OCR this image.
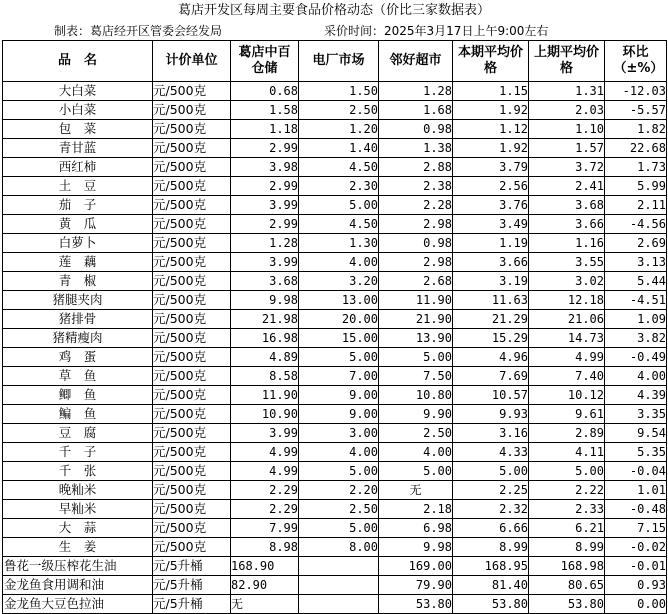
葛店开发区每周主要食品价格动态（价比三家数据表）
制表：葛店经开区管委会经发局	采价时间：2025年3月17日上午9:00左右
品　名	计价单位	葛店中百仓储	电厂市场	邻好超市	本期平均价格	上期平均价格	环比（±%）

大白菜	元/500克	0.68	1.50	1.28	1.15	1.31	-12.03
小白菜	元/500克	1.58	2.50	1.68	1.92	2.03	-5.57
包　菜	元/500克	1.18	1.20	0.98	1.12	1.10	1.82
青甘蓝	元/500克	2.99	1.40	1.38	1.92	1.57	22.68
西红柿	元/500克	3.98	4.50	2.88	3.79	3.72	1.73
土　豆	元/500克	2.99	2.30	2.38	2.56	2.41	5.99
茄　子	元/500克	3.99	5.00	2.28	3.76	3.68	2.11
黄　瓜	元/500克	2.99	4.50	2.98	3.49	3.66	-4.56
白萝卜	元/500克	1.28	1.30	0.98	1.19	1.16	2.69
莲　藕	元/500克	3.99	4.00	2.98	3.66	3.55	3.13
青　椒	元/500克	3.68	3.20	2.68	3.19	3.02	5.44
猪腿夹肉	元/500克	9.98	13.00	11.90	11.63	12.18	-4.51
猪排骨	元/500克	21.98	20.00	21.90	21.29	21.06	1.09
猪精瘦肉	元/500克	16.98	15.00	13.90	15.29	14.73	3.82
鸡　蛋	元/500克	4.89	5.00	5.00	4.96	4.99	-0.49
草　鱼	元/500克	8.58	7.00	7.50	7.69	7.40	4.00
鲫　鱼	元/500克	11.90	9.00	10.80	10.57	10.12	4.39
鳊　鱼	元/500克	10.90	9.00	9.90	9.93	9.61	3.35
豆　腐	元/500克	3.99	3.00	2.50	3.16	2.89	9.54
千　子	元/500克	4.99	4.00	4.00	4.33	4.11	5.35
千　张	元/500克	4.99	5.00	5.00	5.00	5.00	-0.04
晚籼米	元/500克	2.29	2.20	无	2.25	2.22	1.01
早籼米	元/500克	2.29	2.50	2.18	2.32	2.33	-0.48
大　蒜	元/500克	7.99	5.00	6.98	6.66	6.21	7.15
生　姜	元/500克	8.98	8.00	9.98	8.99	8.99	-0.02
鲁花一级压榨花生油	元/5升桶	168.90		169.00	168.95	168.98	-0.01
金龙鱼食用调和油	元/5升桶	82.90		79.90	81.40	80.65	0.93
金龙鱼大豆色拉油	元/5升桶	无		53.80	53.80	53.80	0.00
